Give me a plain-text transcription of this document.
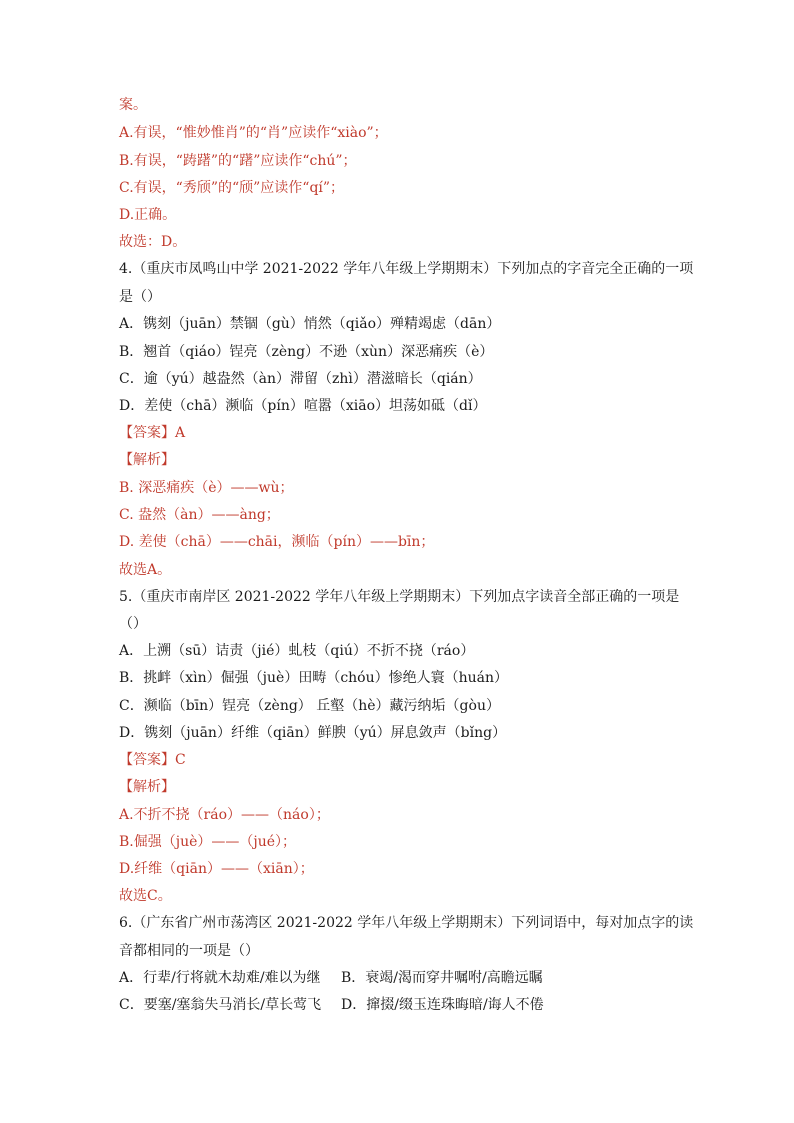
案。
A.有误，“惟妙惟肖”的“肖”应读作“xiào”；
B.有误，“踌躇”的“躇”应读作“chú”；
C.有误，“秀颀”的“颀”应读作“qí”；
D.正确。
故选：D。
4.（重庆市凤鸣山中学 2021-2022 学年八年级上学期期末）下列加点的字音完全正确的一项
是（）
A．镌刻（juān）禁锢（gù）悄然（qiǎo）殚精竭虑（dān）
B．翘首（qiáo）锃亮（zèng）不逊（xùn）深恶痛疾（è）
C．逾（yú）越盎然（àn）滞留（zhì）潜滋暗长（qián）
D．差使（chā）濒临（pín）喧嚣（xiāo）坦荡如砥（dǐ）
【答案】A
【解析】
B. 深恶痛疾（è）——wù；
C. 盎然（àn）——àng；
D. 差使（chā）——chāi，濒临（pín）——bīn；
故选A。
5.（重庆市南岸区 2021-2022 学年八年级上学期期末）下列加点字读音全部正确的一项是
（）
A．上溯（sū）诘责（jié）虬枝（qiú）不折不挠（ráo）
B．挑衅（xìn）倔强（juè）田畴（chóu）惨绝人寰（huán）
C．濒临（bīn）锃亮（zèng） 丘壑（hè）藏污纳垢（gòu）
D．镌刻（juān）纤维（qiān）鲜腴（yú）屏息敛声（bǐng）
【答案】C
【解析】
A.不折不挠（ráo）——（náo）；
B.倔强（juè）——（jué）；
D.纤维（qiān）——（xiān）；
故选C。
6.（广东省广州市荡湾区 2021-2022 学年八年级上学期期末）下列词语中，每对加点字的读
音都相同的一项是（）
A．行辈/行将就木劫难/难以为继 B．衰竭/渴而穿井嘱咐/高瞻远瞩
C．要塞/塞翁失马消长/草长莺飞 D．撺掇/缀玉连珠晦暗/诲人不倦
